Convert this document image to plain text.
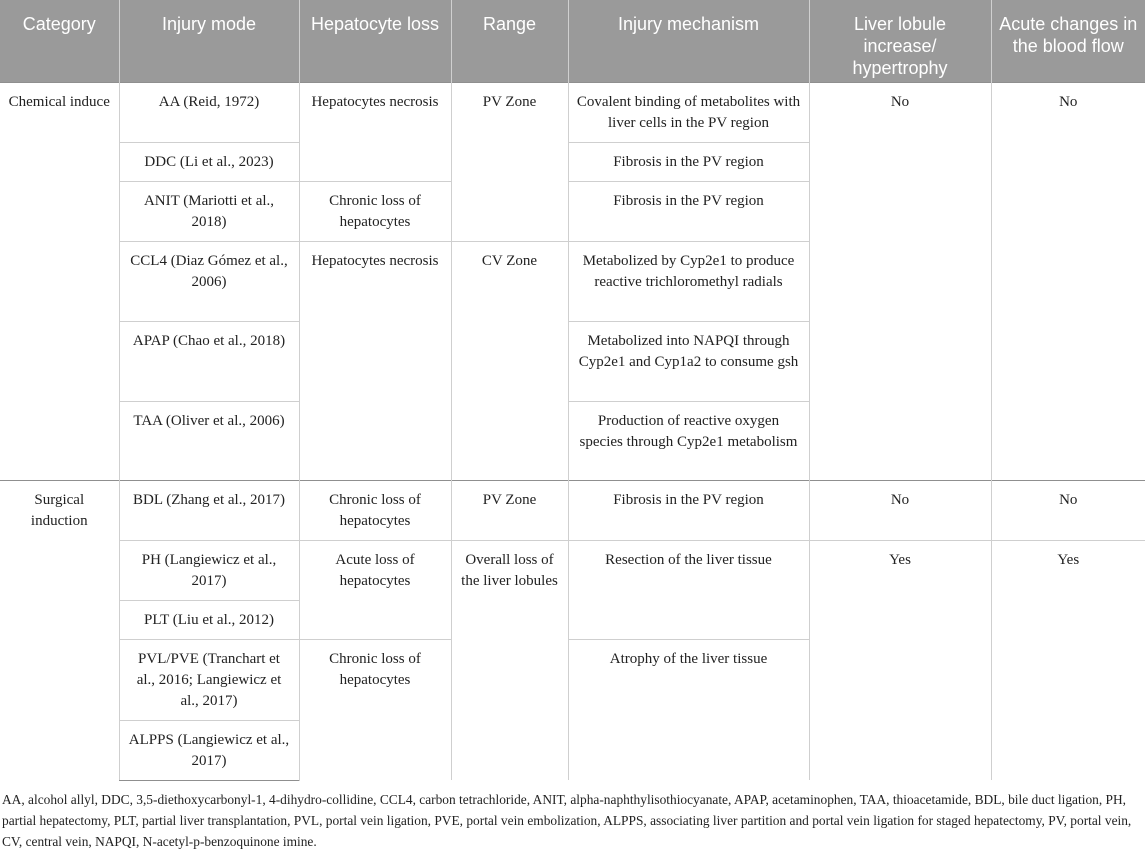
Category	Injury mode	Hepatocyte loss	Range	Injury mechanism	Liver lobule increase/ hypertrophy	Acute changes in the blood flow
Chemical induce	AA (Reid, 1972)	Hepatocytes necrosis	PV Zone	Covalent binding of metabolites with liver cells in the PV region	No	No
	DDC (Li et al., 2023)			Fibrosis in the PV region		
	ANIT (Mariotti et al., 2018)	Chronic loss of hepatocytes		Fibrosis in the PV region		
	CCL4 (Diaz Gómez et al., 2006)	Hepatocytes necrosis	CV Zone	Metabolized by Cyp2e1 to produce reactive trichloromethyl radials		
	APAP (Chao et al., 2018)			Metabolized into NAPQI through Cyp2e1 and Cyp1a2 to consume gsh		
	TAA (Oliver et al., 2006)			Production of reactive oxygen species through Cyp2e1 metabolism		
Surgical induction	BDL (Zhang et al., 2017)	Chronic loss of hepatocytes	PV Zone	Fibrosis in the PV region	No	No
	PH (Langiewicz et al., 2017)	Acute loss of hepatocytes	Overall loss of the liver lobules	Resection of the liver tissue	Yes	Yes
	PLT (Liu et al., 2012)					
	PVL/PVE (Tranchart et al., 2016; Langiewicz et al., 2017)	Chronic loss of hepatocytes		Atrophy of the liver tissue		
	ALPPS (Langiewicz et al., 2017)					
AA, alcohol allyl, DDC, 3,5-diethoxycarbonyl-1, 4-dihydro-collidine, CCL4, carbon tetrachloride, ANIT, alpha-naphthylisothiocyanate, APAP, acetaminophen, TAA, thioacetamide, BDL, bile duct ligation, PH, partial hepatectomy, PLT, partial liver transplantation, PVL, portal vein ligation, PVE, portal vein embolization, ALPPS, associating liver partition and portal vein ligation for staged hepatectomy, PV, portal vein, CV, central vein, NAPQI, N-acetyl-p-benzoquinone imine.
